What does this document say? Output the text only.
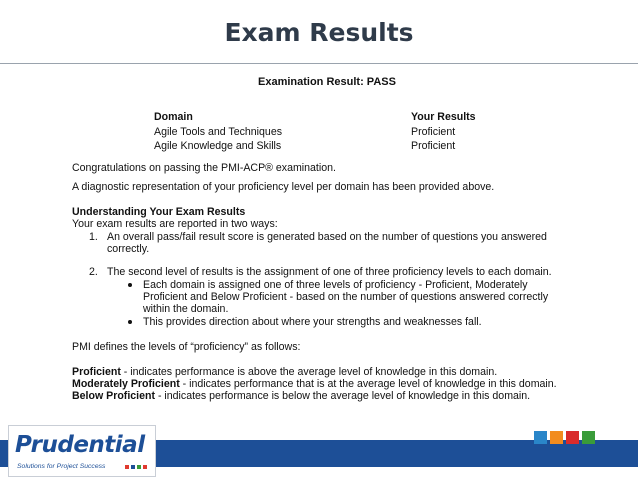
Exam Results
Examination Result: PASS
Domain	Your Results
Agile Tools and Techniques	Proficient
Agile Knowledge and Skills	Proficient
Congratulations on passing the PMI-ACP® examination.
A diagnostic representation of your proficiency level per domain has been provided above.
Understanding Your Exam Results
Your exam results are reported in two ways:
1. An overall pass/fail result score is generated based on the number of questions you answered
correctly.
2. The second level of results is the assignment of one of three proficiency levels to each domain.
Each domain is assigned one of three levels of proficiency - Proficient, Moderately
Proficient and Below Proficient - based on the number of questions answered correctly
within the domain.
This provides direction about where your strengths and weaknesses fall.
PMI defines the levels of “proficiency” as follows:
Proficient - indicates performance is above the average level of knowledge in this domain.
Moderately Proficient - indicates performance that is at the average level of knowledge in this domain.
Below Proficient - indicates performance is below the average level of knowledge in this domain.
Prudential
Solutions for Project Success
